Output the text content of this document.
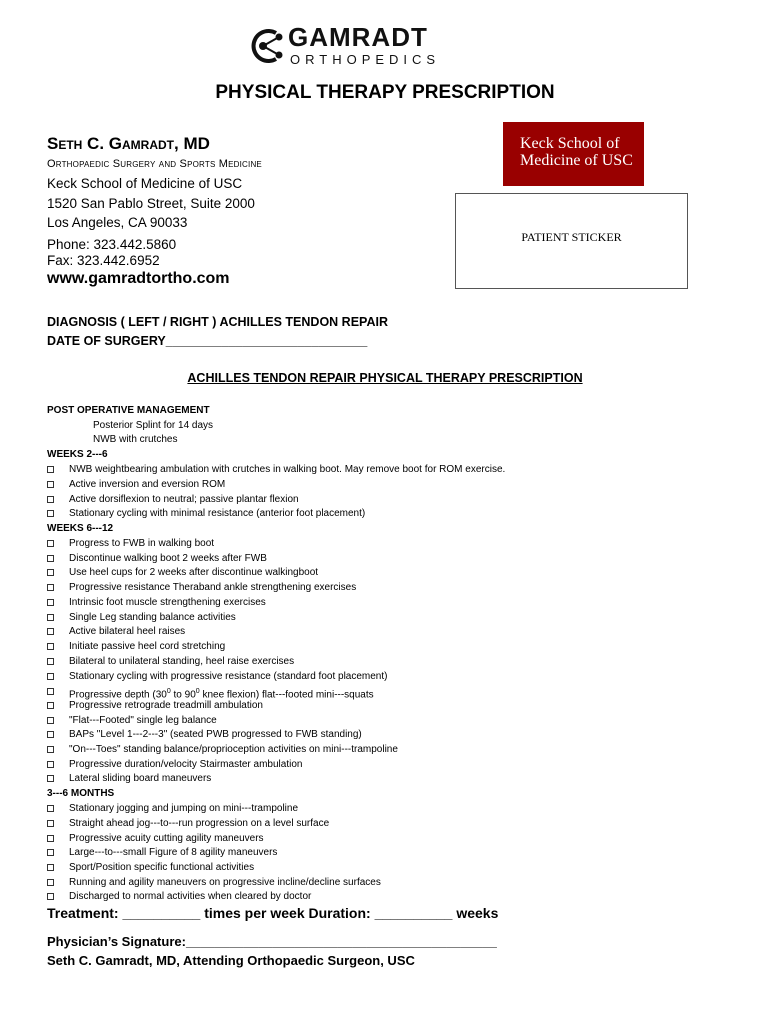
GAMRADT
ORTHOPEDICS
PHYSICAL THERAPY PRESCRIPTION
Seth C. Gamradt, MD
Orthopaedic Surgery and Sports Medicine
Keck School of Medicine of USC
1520 San Pablo Street, Suite 2000
Los Angeles, CA 90033
Phone: 323.442.5860
Fax: 323.442.6952
www.gamradtortho.com
Keck School of
Medicine of USC
PATIENT STICKER
DIAGNOSIS ( LEFT / RIGHT ) ACHILLES TENDON REPAIR
DATE OF SURGERY_____________________________
ACHILLES TENDON REPAIR PHYSICAL THERAPY PRESCRIPTION
POST OPERATIVE MANAGEMENT
Posterior Splint for 14 days
NWB with crutches
WEEKS 2---6
NWB weightbearing ambulation with crutches in walking boot. May remove boot for ROM exercise.
Active inversion and eversion ROM
Active dorsiflexion to neutral; passive plantar flexion
Stationary cycling with minimal resistance (anterior foot placement)
WEEKS 6---12
Progress to FWB in walking boot
Discontinue walking boot 2 weeks after FWB
Use heel cups for 2 weeks after discontinue walkingboot
Progressive resistance Theraband ankle strengthening exercises
Intrinsic foot muscle strengthening exercises
Single Leg standing balance activities
Active bilateral heel raises
Initiate passive heel cord stretching
Bilateral to unilateral standing, heel raise exercises
Stationary cycling with progressive resistance (standard foot placement)
Progressive depth ($30^0$ to $90^0$ knee flexion) flat---footed mini---squats
Progressive retrograde treadmill ambulation
"Flat---Footed" single leg balance
BAPs "Level 1---2---3" (seated PWB progressed to FWB standing)
"On---Toes" standing balance/proprioception activities on mini---trampoline
Progressive duration/velocity Stairmaster ambulation
Lateral sliding board maneuvers
3---6 MONTHS
Stationary jogging and jumping on mini---trampoline
Straight ahead jog---to---run progression on a level surface
Progressive acuity cutting agility maneuvers
Large---to---small Figure of 8 agility maneuvers
Sport/Position specific functional activities
Running and agility maneuvers on progressive incline/decline surfaces
Discharged to normal activities when cleared by doctor
Treatment: __________ times per week Duration: __________ weeks
Physician’s Signature:___________________________________________
Seth C. Gamradt, MD, Attending Orthopaedic Surgeon, USC
